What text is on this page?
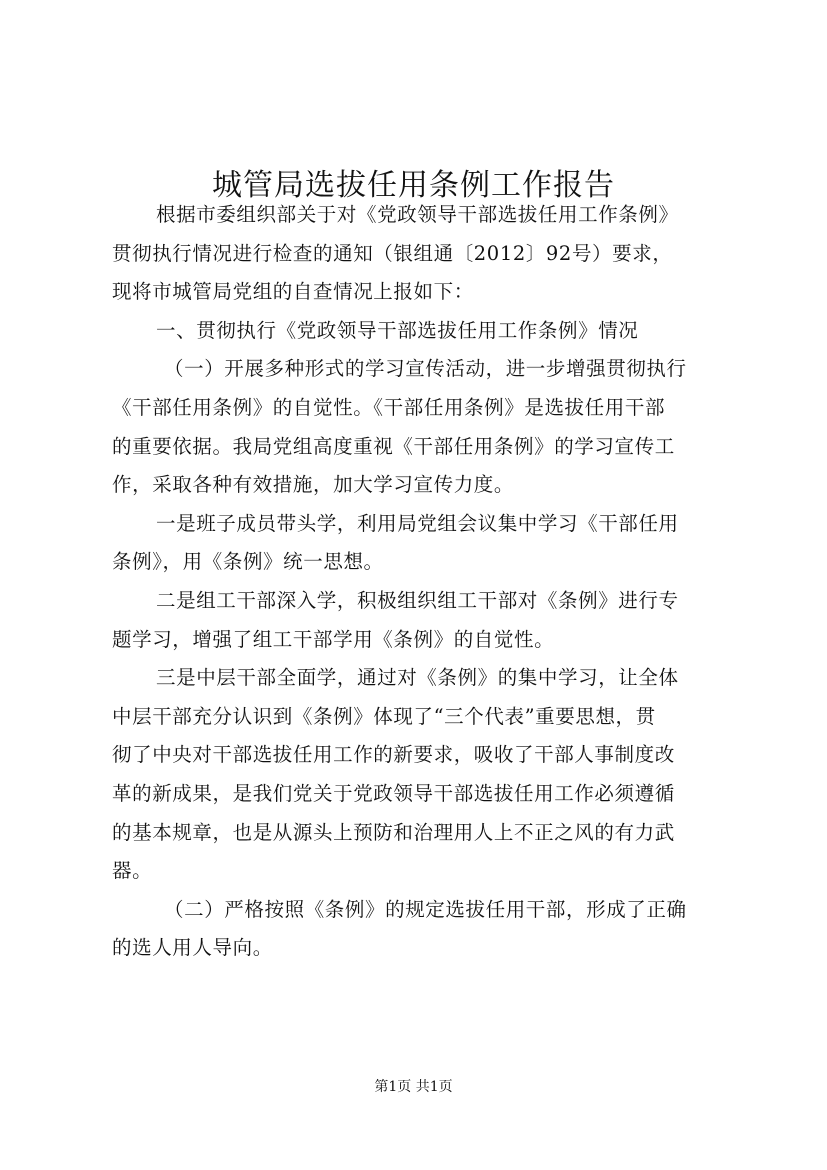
城管局选拔任用条例工作报告
根据市委组织部关于对《党政领导干部选拔任用工作条例》
贯彻执行情况进行检查的通知（银组通〔2012〕92号）要求，
现将市城管局党组的自查情况上报如下：
一、贯彻执行《党政领导干部选拔任用工作条例》情况
（一）开展多种形式的学习宣传活动，进一步增强贯彻执行
《干部任用条例》的自觉性。《干部任用条例》是选拔任用干部
的重要依据。我局党组高度重视《干部任用条例》的学习宣传工
作，采取各种有效措施，加大学习宣传力度。
一是班子成员带头学，利用局党组会议集中学习《干部任用
条例》，用《条例》统一思想。
二是组工干部深入学，积极组织组工干部对《条例》进行专
题学习，增强了组工干部学用《条例》的自觉性。
三是中层干部全面学，通过对《条例》的集中学习，让全体
中层干部充分认识到《条例》体现了“三个代表”重要思想，贯
彻了中央对干部选拔任用工作的新要求，吸收了干部人事制度改
革的新成果，是我们党关于党政领导干部选拔任用工作必须遵循
的基本规章，也是从源头上预防和治理用人上不正之风的有力武
器。
（二）严格按照《条例》的规定选拔任用干部，形成了正确
的选人用人导向。
第1页 共1页
